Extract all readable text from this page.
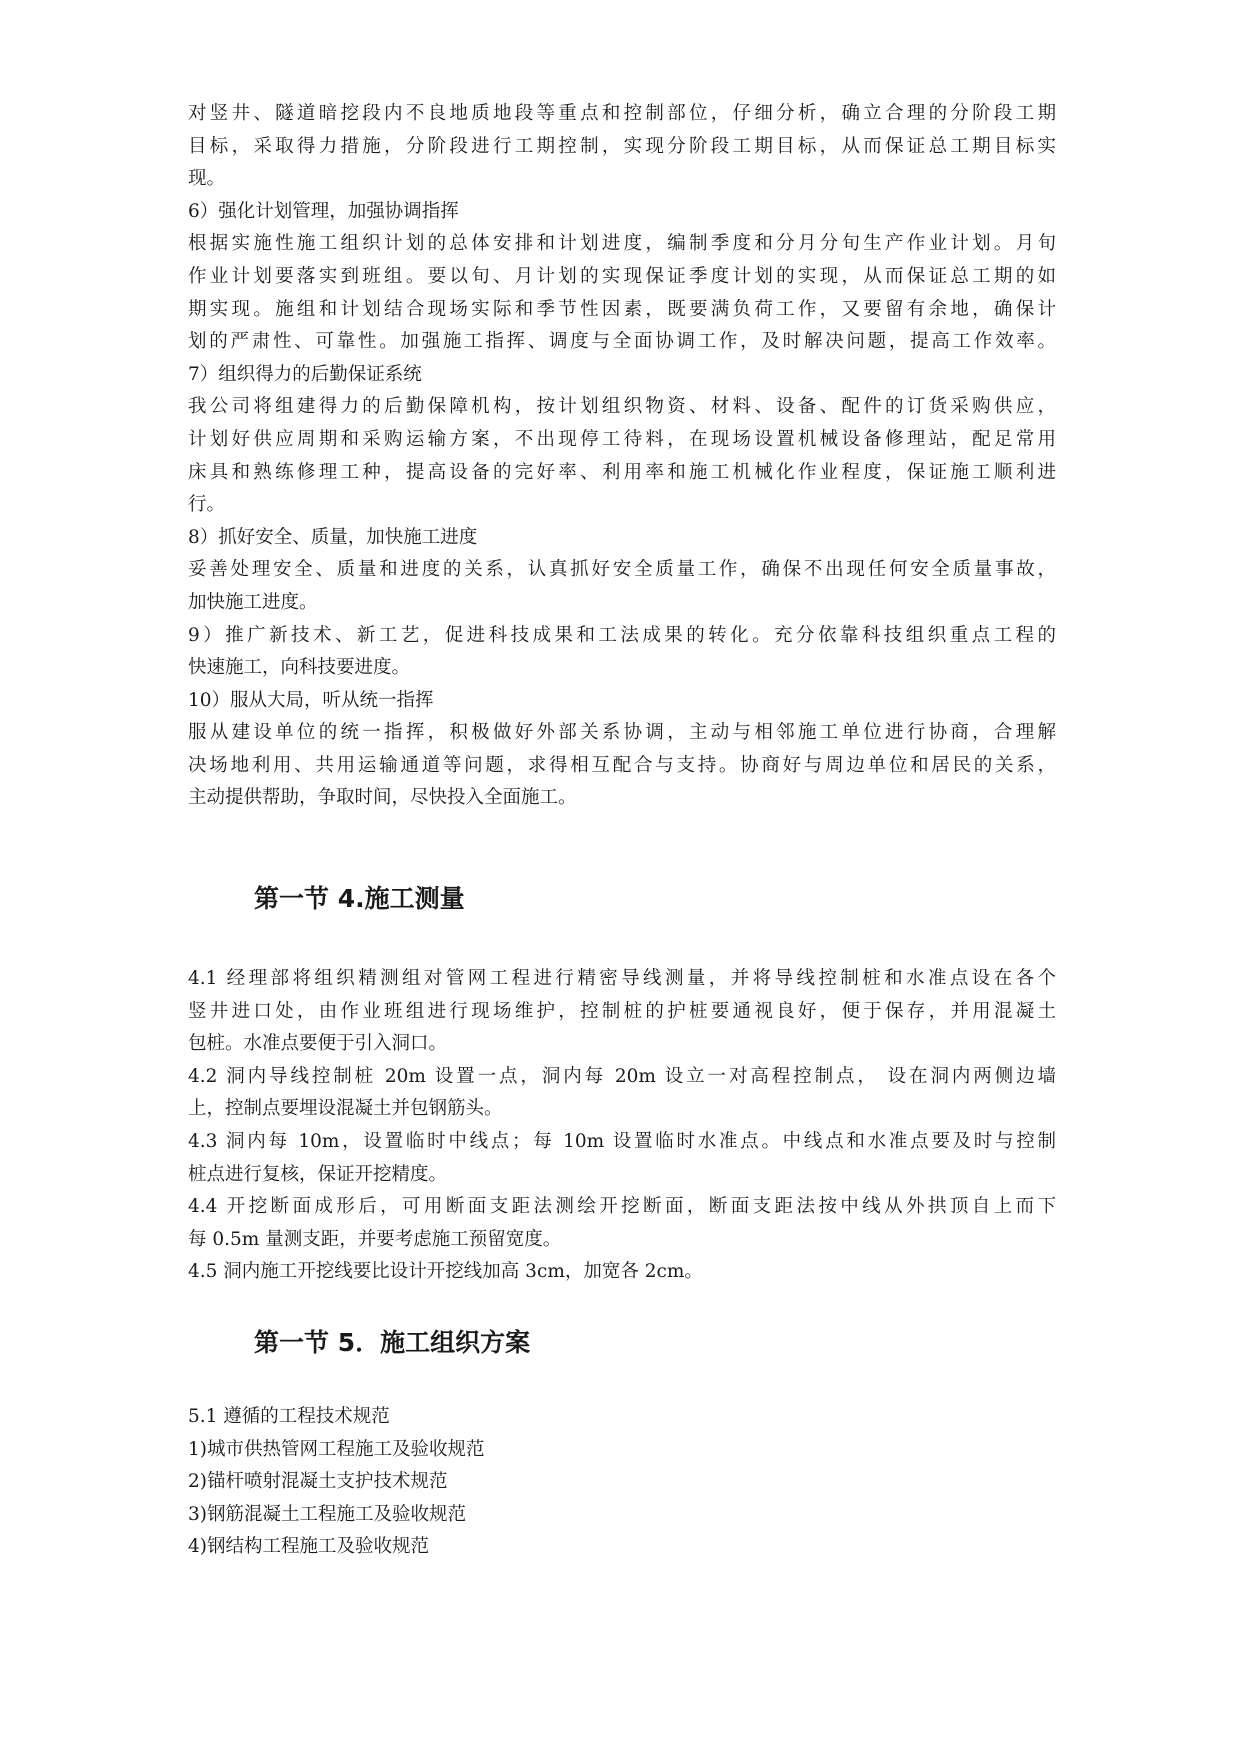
对竖井、隧道暗挖段内不良地质地段等重点和控制部位，仔细分析，确立合理的分阶段工期
目标，采取得力措施，分阶段进行工期控制，实现分阶段工期目标，从而保证总工期目标实
现。
6）强化计划管理，加强协调指挥
根据实施性施工组织计划的总体安排和计划进度，编制季度和分月分旬生产作业计划。月旬
作业计划要落实到班组。要以旬、月计划的实现保证季度计划的实现，从而保证总工期的如
期实现。施组和计划结合现场实际和季节性因素，既要满负荷工作，又要留有余地，确保计
划的严肃性、可靠性。加强施工指挥、调度与全面协调工作，及时解决问题，提高工作效率。
7）组织得力的后勤保证系统
我公司将组建得力的后勤保障机构，按计划组织物资、材料、设备、配件的订货采购供应，
计划好供应周期和采购运输方案，不出现停工待料，在现场设置机械设备修理站，配足常用
床具和熟练修理工种，提高设备的完好率、利用率和施工机械化作业程度，保证施工顺利进
行。
8）抓好安全、质量，加快施工进度
妥善处理安全、质量和进度的关系，认真抓好安全质量工作，确保不出现任何安全质量事故，
加快施工进度。
9）推广新技术、新工艺，促进科技成果和工法成果的转化。充分依靠科技组织重点工程的
快速施工，向科技要进度。
10）服从大局，听从统一指挥
服从建设单位的统一指挥，积极做好外部关系协调，主动与相邻施工单位进行协商，合理解
决场地利用、共用运输通道等问题，求得相互配合与支持。协商好与周边单位和居民的关系，
主动提供帮助，争取时间，尽快投入全面施工。
第一节 4.施工测量
4.1 经理部将组织精测组对管网工程进行精密导线测量，并将导线控制桩和水准点设在各个
竖井进口处，由作业班组进行现场维护，控制桩的护桩要通视良好，便于保存，并用混凝土
包桩。水准点要便于引入洞口。
4.2 洞内导线控制桩 20m 设置一点，洞内每 20m 设立一对高程控制点， 设在洞内两侧边墙
上，控制点要埋设混凝土并包钢筋头。
4.3 洞内每 10m，设置临时中线点；每 10m 设置临时水准点。中线点和水准点要及时与控制
桩点进行复核，保证开挖精度。
4.4 开挖断面成形后，可用断面支距法测绘开挖断面，断面支距法按中线从外拱顶自上而下
每 0.5m 量测支距，并要考虑施工预留宽度。
4.5 洞内施工开挖线要比设计开挖线加高 3cm，加宽各 2cm。
第一节 5．施工组织方案
5.1 遵循的工程技术规范
1)城市供热管网工程施工及验收规范
2)锚杆喷射混凝土支护技术规范
3)钢筋混凝土工程施工及验收规范
4)钢结构工程施工及验收规范
